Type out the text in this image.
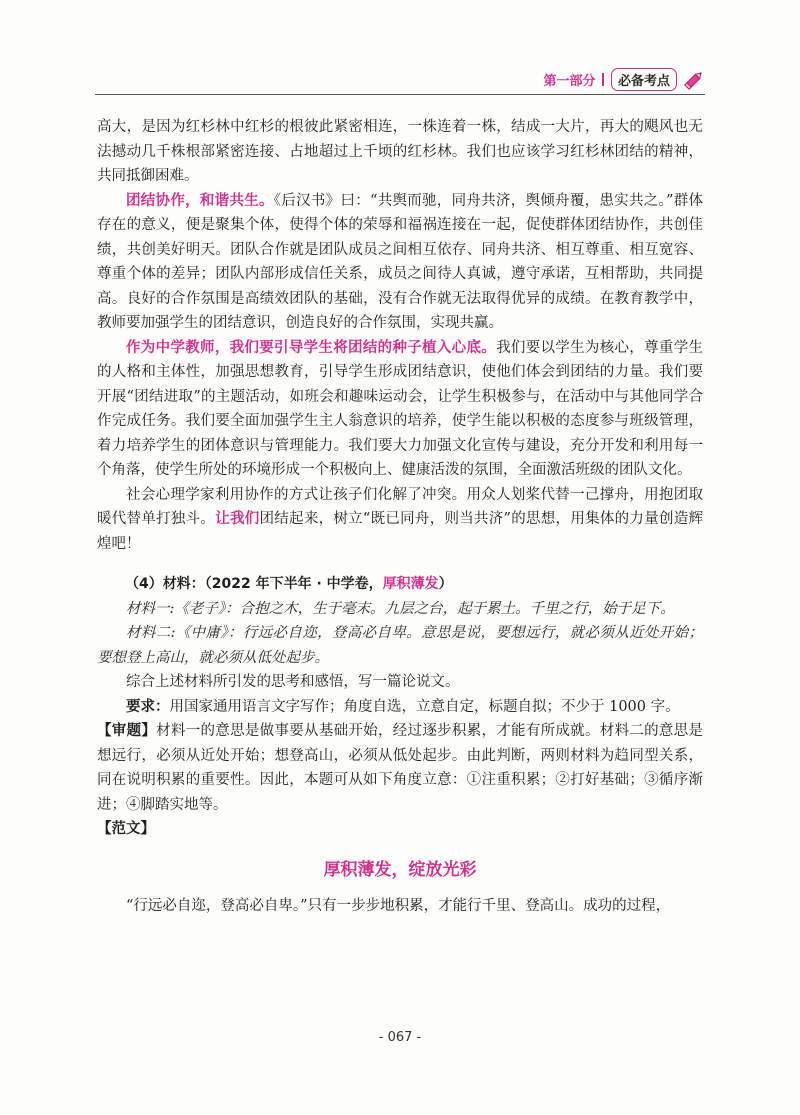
第一部分	必备考点

高大，是因为红杉林中红杉的根彼此紧密相连，一株连着一株，结成一大片，再大的飓风也无法撼动几千株根部紧密连接、占地超过上千顷的红杉林。我们也应该学习红杉林团结的精神，共同抵御困难。

团结协作，和谐共生。《后汉书》曰：“共舆而驰，同舟共济，舆倾舟覆，患实共之。”群体存在的意义，便是聚集个体，使得个体的荣辱和福祸连接在一起，促使群体团结协作，共创佳绩，共创美好明天。团队合作就是团队成员之间相互依存、同舟共济、相互尊重、相互宽容、尊重个体的差异；团队内部形成信任关系，成员之间待人真诚，遵守承诺，互相帮助，共同提高。良好的合作氛围是高绩效团队的基础，没有合作就无法取得优异的成绩。在教育教学中，教师要加强学生的团结意识，创造良好的合作氛围，实现共赢。

作为中学教师，我们要引导学生将团结的种子植入心底。我们要以学生为核心，尊重学生的人格和主体性，加强思想教育，引导学生形成团结意识，使他们体会到团结的力量。我们要开展“团结进取”的主题活动，如班会和趣味运动会，让学生积极参与，在活动中与其他同学合作完成任务。我们要全面加强学生主人翁意识的培养，使学生能以积极的态度参与班级管理，着力培养学生的团体意识与管理能力。我们要大力加强文化宣传与建设，充分开发和利用每一个角落，使学生所处的环境形成一个积极向上、健康活泼的氛围，全面激活班级的团队文化。

社会心理学家利用协作的方式让孩子们化解了冲突。用众人划桨代替一己撑舟，用抱团取暖代替单打独斗。让我们团结起来，树立“既已同舟，则当共济”的思想，用集体的力量创造辉煌吧！

（4）材料：（2022 年下半年 · 中学卷，厚积薄发）

材料一:《老子》：合抱之木，生于毫末。九层之台，起于累土。千里之行，始于足下。

材料二:《中庸》：行远必自迩，登高必自卑。意思是说，要想远行，就必须从近处开始；要想登上高山，就必须从低处起步。

综合上述材料所引发的思考和感悟，写一篇论说文。

要求：用国家通用语言文字写作；角度自选，立意自定，标题自拟；不少于 1000 字。

【审题】材料一的意思是做事要从基础开始，经过逐步积累，才能有所成就。材料二的意思是想远行，必须从近处开始；想登高山，必须从低处起步。由此判断，两则材料为趋同型关系，同在说明积累的重要性。因此，本题可从如下角度立意：①注重积累；②打好基础；③循序渐进；④脚踏实地等。

【范文】

厚积薄发，绽放光彩

“行远必自迩，登高必自卑。”只有一步步地积累，才能行千里、登高山。成功的过程，

- 067 -
